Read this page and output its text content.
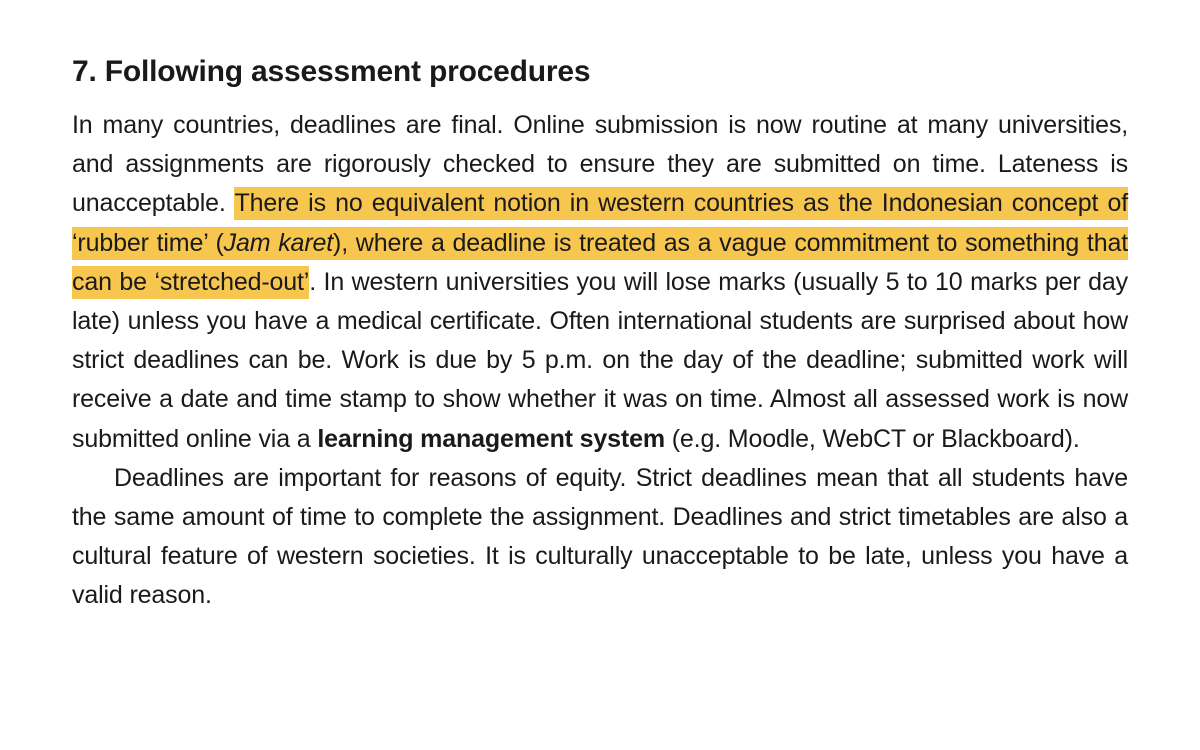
7. Following assessment procedures

In many countries, deadlines are final. Online submission is now routine at many universities, and assignments are rigorously checked to ensure they are submitted on time. Lateness is unacceptable. There is no equivalent notion in western countries as the Indonesian concept of ‘rubber time’ (Jam karet), where a deadline is treated as a vague commitment to something that can be ‘stretched-out’. In western universities you will lose marks (usually 5 to 10 marks per day late) unless you have a medical certificate. Often international students are surprised about how strict deadlines can be. Work is due by 5 p.m. on the day of the deadline; submitted work will receive a date and time stamp to show whether it was on time. Almost all assessed work is now submitted online via a learning management system (e.g. Moodle, WebCT or Blackboard).

Deadlines are important for reasons of equity. Strict deadlines mean that all students have the same amount of time to complete the assignment. Deadlines and strict timetables are also a cultural feature of western societies. It is culturally unacceptable to be late, unless you have a valid reason.
